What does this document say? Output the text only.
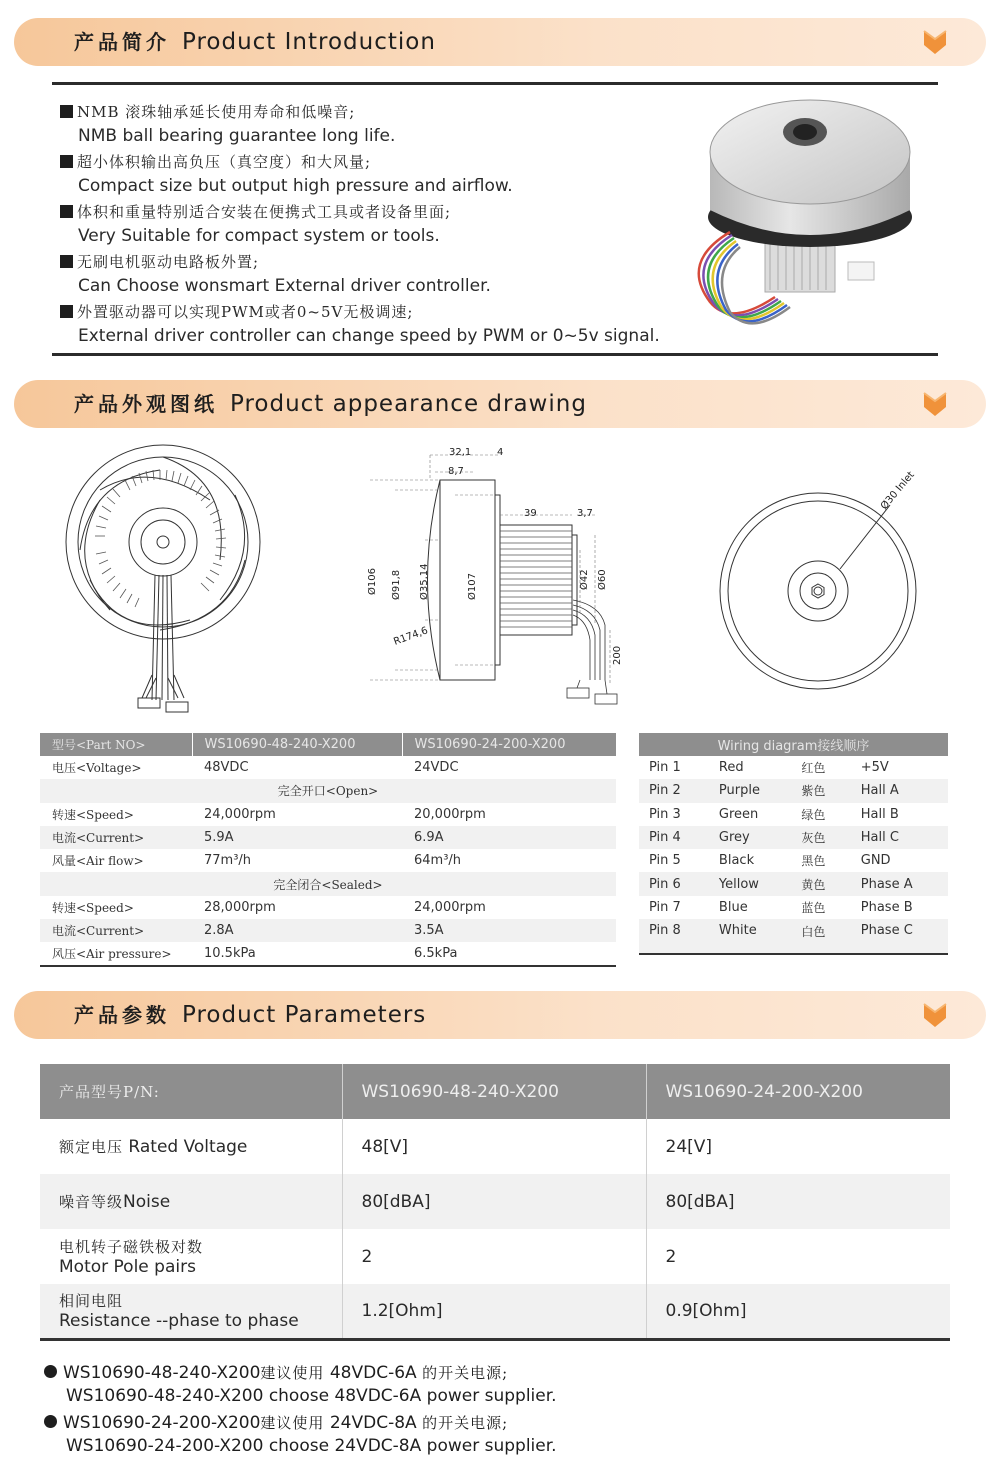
产品简介 Product Introduction
NMB 滚珠轴承延长使用寿命和低噪音;
NMB ball bearing guarantee long life.
超小体积输出高负压（真空度）和大风量;
Compact size but output high pressure and airflow.
体积和重量特别适合安装在便携式工具或者设备里面;
Very Suitable for compact system or tools.
无刷电机驱动电路板外置;
Can Choose wonsmart External driver controller.
外置驱动器可以实现PWM或者0~5V无极调速;
External driver controller can change speed by PWM or 0~5v signal.
产品外观图纸 Product appearance drawing
32,1	4
8,7
39	3,7
Ø106 Ø91,8 Ø35,14	Ø107	Ø42 Ø60
200
R174,6
Ø30 Inlet
型号<Part NO>	WS10690-48-240-X200	WS10690-24-200-X200
电压<Voltage>	48VDC	24VDC
完全开口<Open>		
转速<Speed>	24,000rpm	20,000rpm
电流<Current>	5.9A	6.9A
风量<Air flow>	77m³/h	64m³/h
完全闭合<Sealed>		
转速<Speed>	28,000rpm	24,000rpm
电流<Current>	2.8A	3.5A
风压<Air pressure>	10.5kPa	6.5kPa
Wiring diagram接线顺序			
Pin 1	Red	红色	+5V
Pin 2	Purple	紫色	Hall A
Pin 3	Green	绿色	Hall B
Pin 4	Grey	灰色	Hall C
Pin 5	Black	黑色	GND
Pin 6	Yellow	黄色	Phase A
Pin 7	Blue	蓝色	Phase B
Pin 8	White	白色	Phase C
产品参数 Product Parameters
产品型号P/N:	WS10690-48-240-X200	WS10690-24-200-X200
额定电压 Rated Voltage	48[V]	24[V]
噪音等级Noise	80[dBA]	80[dBA]

电机转子磁铁极对数
Motor Pole pairs	2	2

相间电阻
Resistance --phase to phase	1.2[Ohm]	0.9[Ohm]
WS10690-48-240-X200建议使用 48VDC-6A 的开关电源;
WS10690-48-240-X200 choose 48VDC-6A power supplier.
WS10690-24-200-X200建议使用 24VDC-8A 的开关电源;
WS10690-24-200-X200 choose 24VDC-8A power supplier.
